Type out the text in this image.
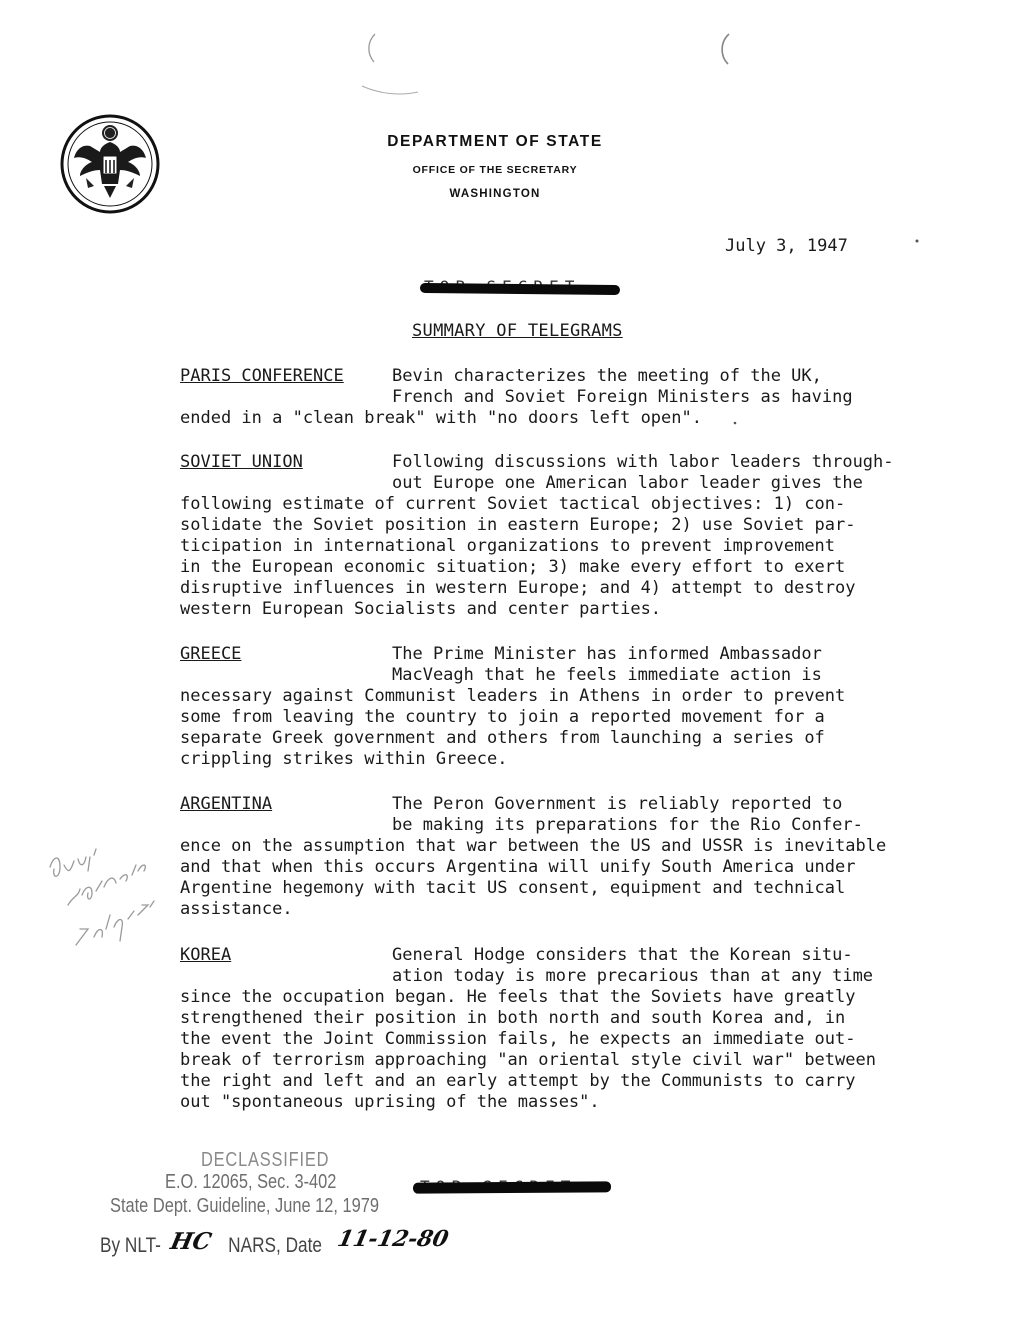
DEPARTMENT OF STATE
OFFICE OF THE SECRETARY
WASHINGTON
July 3, 1947
SUMMARY OF TELEGRAMS
PARIS CONFERENCE	Bevin characterizes the meeting of the UK,
French and Soviet Foreign Ministers as having
ended in a "clean break" with "no doors left open".
SOVIET UNION	Following discussions with labor leaders through-
out Europe one American labor leader gives the
following estimate of current Soviet tactical objectives: 1) con-
solidate the Soviet position in eastern Europe; 2) use Soviet par-
ticipation in international organizations to prevent improvement
in the European economic situation; 3) make every effort to exert
disruptive influences in western Europe; and 4) attempt to destroy
western European Socialists and center parties.
GREECE	The Prime Minister has informed Ambassador
MacVeagh that he feels immediate action is
necessary against Communist leaders in Athens in order to prevent
some from leaving the country to join a reported movement for a
separate Greek government and others from launching a series of
crippling strikes within Greece.
ARGENTINA	The Peron Government is reliably reported to
be making its preparations for the Rio Confer-
ence on the assumption that war between the US and USSR is inevitable
and that when this occurs Argentina will unify South America under
Argentine hegemony with tacit US consent, equipment and technical
assistance.
KOREA	General Hodge considers that the Korean situ-
ation today is more precarious than at any time
since the occupation began. He feels that the Soviets have greatly
strengthened their position in both north and south Korea and, in
the event the Joint Commission fails, he expects an immediate out-
break of terrorism approaching "an oriental style civil war" between
the right and left and an early attempt by the Communists to carry
out "spontaneous uprising of the masses".
DECLASSIFIED
E.O. 12065, Sec. 3-402
State Dept. Guideline, June 12, 1979
By NLT-	NARS, Date
HC	11-12-80
